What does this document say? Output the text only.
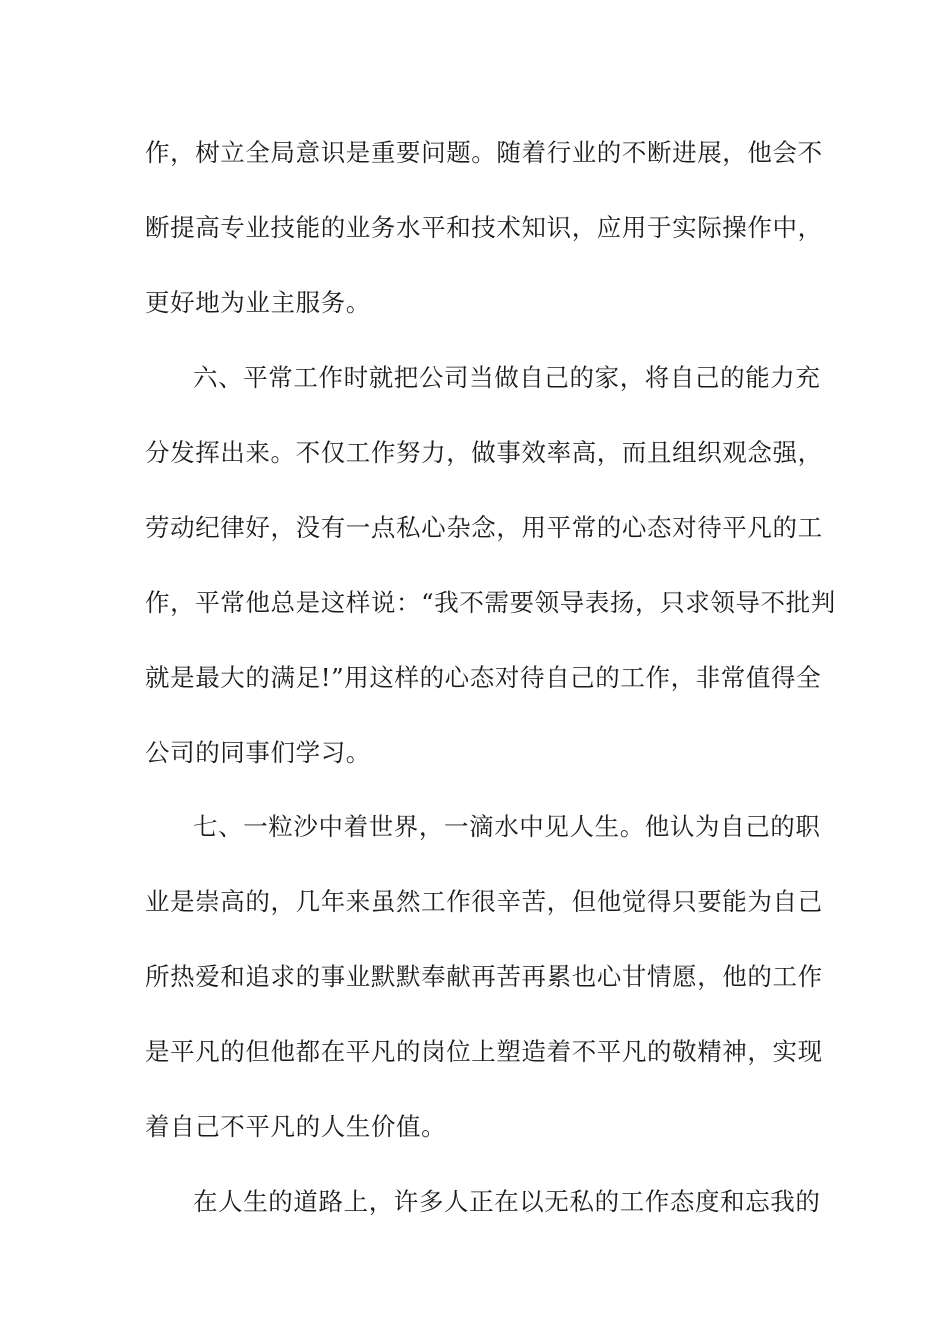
作，树立全局意识是重要问题。随着行业的不断进展，他会不
断提高专业技能的业务水平和技术知识，应用于实际操作中，
更好地为业主服务。
六、平常工作时就把公司当做自己的家，将自己的能力充
分发挥出来。不仅工作努力，做事效率高，而且组织观念强，
劳动纪律好，没有一点私心杂念，用平常的心态对待平凡的工
作，平常他总是这样说：“我不需要领导表扬，只求领导不批判
就是最大的满足!”用这样的心态对待自己的工作，非常值得全
公司的同事们学习。
七、一粒沙中着世界，一滴水中见人生。他认为自己的职
业是崇高的，几年来虽然工作很辛苦，但他觉得只要能为自己
所热爱和追求的事业默默奉献再苦再累也心甘情愿，他的工作
是平凡的但他都在平凡的岗位上塑造着不平凡的敬精神，实现
着自己不平凡的人生价值。
在人生的道路上，许多人正在以无私的工作态度和忘我的
